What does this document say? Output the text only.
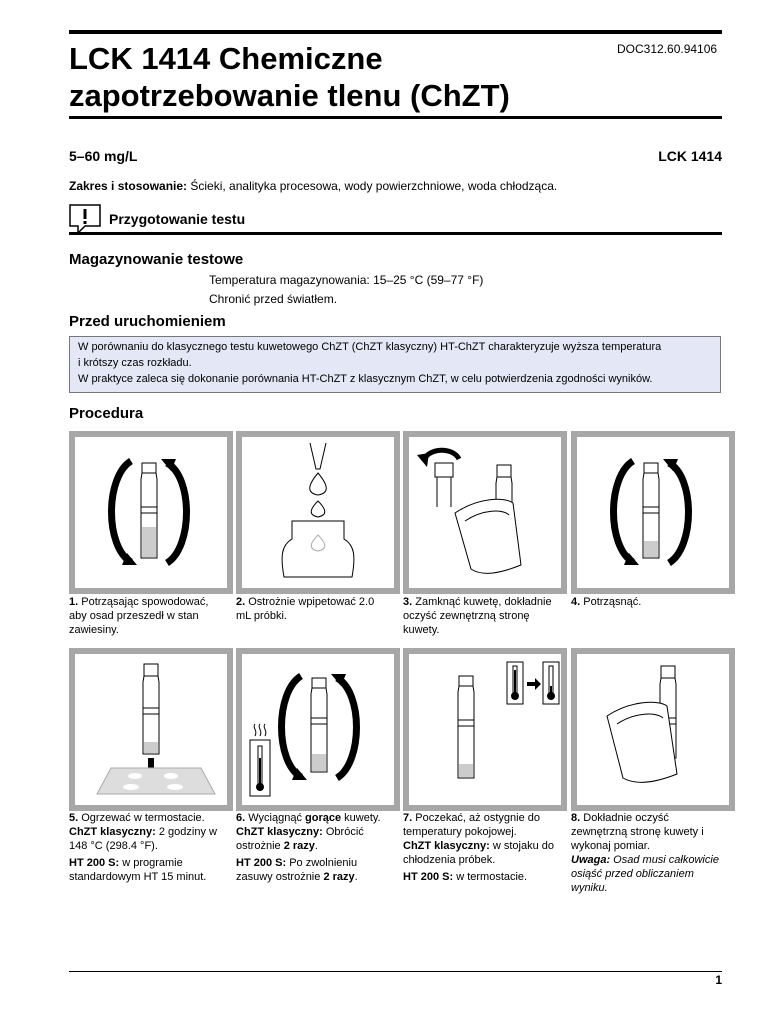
LCK 1414 Chemiczne
zapotrzebowanie tlenu (ChZT)
DOC312.60.94106
5–60 mg/L	LCK 1414
Zakres i stosowanie: Ścieki, analityka procesowa, wody powierzchniowe, woda chłodząca.
Przygotowanie testu
Magazynowanie testowe
Temperatura magazynowania: 15–25 °C (59–77 °F)
Chronić przed światłem.
Przed uruchomieniem

W porównaniu do klasycznego testu kuwetowego ChZT (ChZT klasyczny) HT-ChZT charakteryzuje wyższa temperatura

i krótszy czas rozkładu.

W praktyce zaleca się dokonanie porównania HT-ChZT z klasycznym ChZT, w celu potwierdzenia zgodności wyników.

Procedura

1. Potrząsając spowodować, aby osad przeszedł w stan zawiesiny.

2. Ostrożnie wpipetować 2.0 mL próbki.

3. Zamknąć kuwetę, dokładnie oczyść zewnętrzną stronę kuwety.

4. Potrząsnąć.

5. Ogrzewać w termostacie.
ChZT klasyczny: 2 godziny w 148 °C (298.4 °F).

HT 200 S: w programie standardowym HT 15 minut.

6. Wyciągnąć gorące kuwety.
ChZT klasyczny: Obrócić ostrożnie 2 razy.

HT 200 S: Po zwolnieniu zasuwy ostrożnie 2 razy.

7. Poczekać, aż ostygnie do temperatury pokojowej.
ChZT klasyczny: w stojaku do chłodzenia próbek.

HT 200 S: w termostacie.

8. Dokładnie oczyść zewnętrzną stronę kuwety i wykonaj pomiar.
Uwaga: Osad musi całkowicie osiąść przed obliczaniem wyniku.

1
